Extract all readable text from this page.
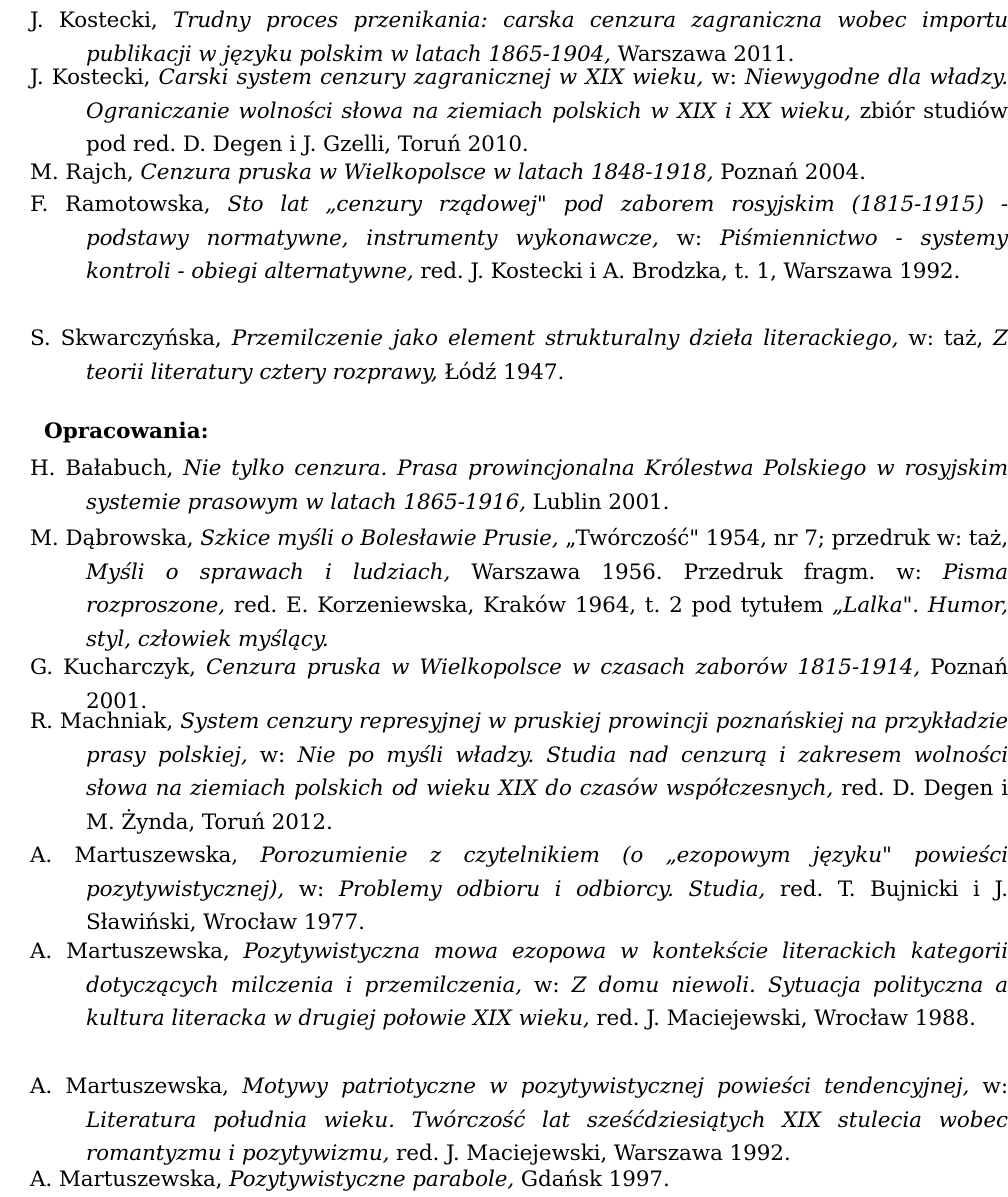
J. Kostecki, Trudny proces przenikania: carska cenzura zagraniczna wobec importu publikacji w języku polskim w latach 1865-1904, Warszawa 2011.
J. Kostecki, Carski system cenzury zagranicznej w XIX wieku, w: Niewygodne dla władzy. Ograniczanie wolności słowa na ziemiach polskich w XIX i XX wieku, zbiór studiów pod red. D. Degen i J. Gzelli, Toruń 2010.
M. Rajch, Cenzura pruska w Wielkopolsce w latach 1848-1918, Poznań 2004.
F. Ramotowska, Sto lat „cenzury rządowej" pod zaborem rosyjskim (1815-1915) - podstawy normatywne, instrumenty wykonawcze, w: Piśmiennictwo - systemy kontroli - obiegi alternatywne, red. J. Kostecki i A. Brodzka, t. 1, Warszawa 1992.
S. Skwarczyńska, Przemilczenie jako element strukturalny dzieła literackiego, w: taż, Z teorii literatury cztery rozprawy, Łódź 1947.
Opracowania:
H. Bałabuch, Nie tylko cenzura. Prasa prowincjonalna Królestwa Polskiego w rosyjskim systemie prasowym w latach 1865-1916, Lublin 2001.
M. Dąbrowska, Szkice myśli o Bolesławie Prusie, „Twórczość" 1954, nr 7; przedruk w: taż, Myśli o sprawach i ludziach, Warszawa 1956. Przedruk fragm. w: Pisma rozproszone, red. E. Korzeniewska, Kraków 1964, t. 2 pod tytułem „Lalka". Humor, styl, człowiek myślący.
G. Kucharczyk, Cenzura pruska w Wielkopolsce w czasach zaborów 1815-1914, Poznań 2001.
R. Machniak, System cenzury represyjnej w pruskiej prowincji poznańskiej na przykładzie prasy polskiej, w: Nie po myśli władzy. Studia nad cenzurą i zakresem wolności słowa na ziemiach polskich od wieku XIX do czasów współczesnych, red. D. Degen i M. Żynda, Toruń 2012.
A. Martuszewska, Porozumienie z czytelnikiem (o „ezopowym języku" powieści pozytywistycznej), w: Problemy odbioru i odbiorcy. Studia, red. T. Bujnicki i J. Sławiński, Wrocław 1977.
A. Martuszewska, Pozytywistyczna mowa ezopowa w kontekście literackich kategorii dotyczących milczenia i przemilczenia, w: Z domu niewoli. Sytuacja polityczna a kultura literacka w drugiej połowie XIX wieku, red. J. Maciejewski, Wrocław 1988.
A. Martuszewska, Motywy patriotyczne w pozytywistycznej powieści tendencyjnej, w: Literatura południa wieku. Twórczość lat sześćdziesiątych XIX stulecia wobec romantyzmu i pozytywizmu, red. J. Maciejewski, Warszawa 1992.
A. Martuszewska, Pozytywistyczne parabole, Gdańsk 1997.
